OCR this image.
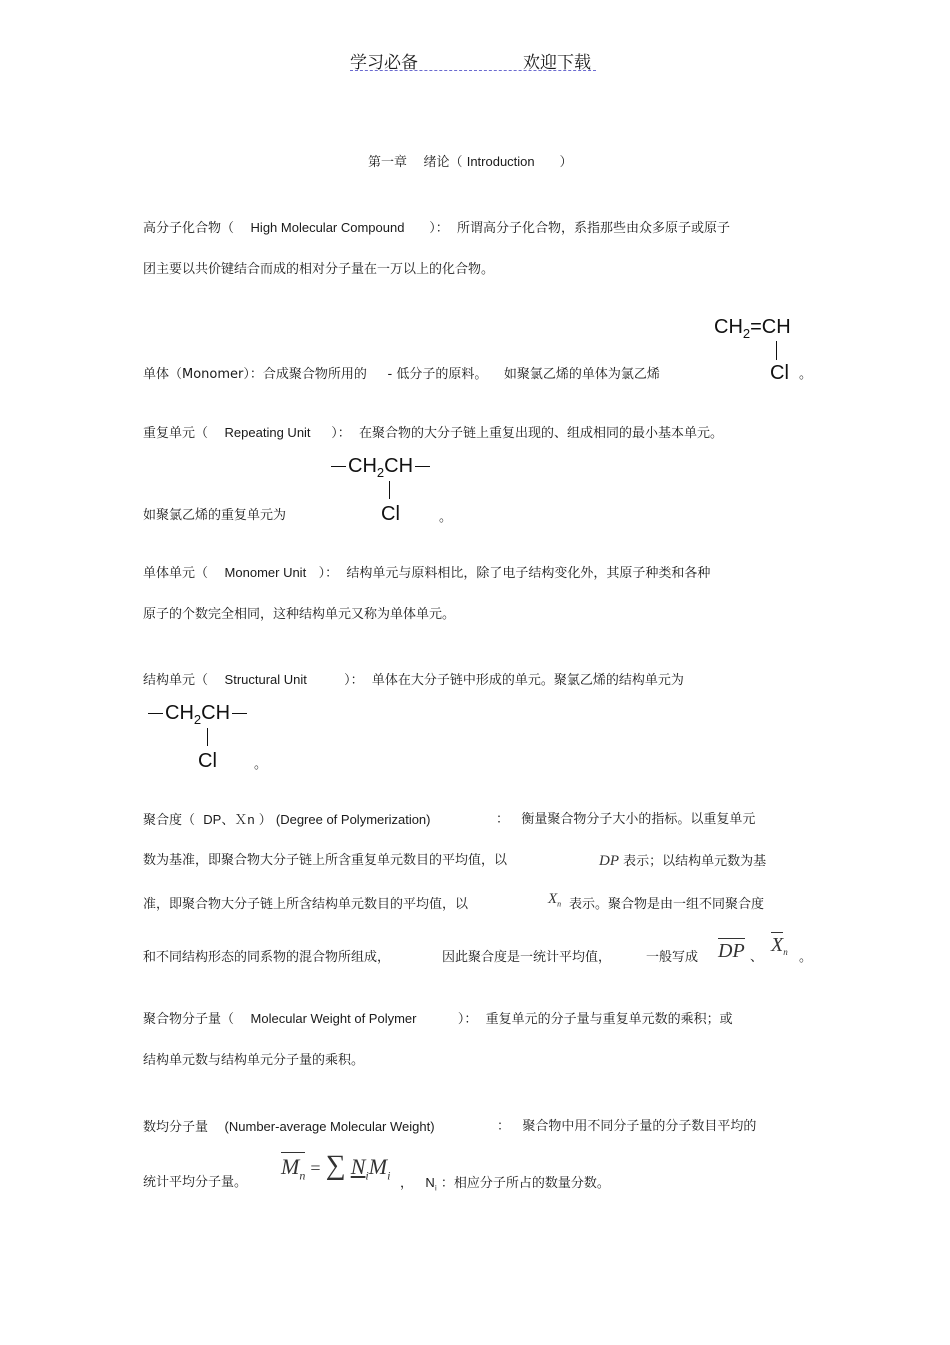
学习必备	欢迎下载
第一章 绪论（ Introduction ）
高分子化合物（ High Molecular Compound ）： 所谓高分子化合物，系指那些由众多原子或原子
团主要以共价键结合而成的相对分子量在一万以上的化合物。
$CH_2=CH$
Cl
单体（Monomer）：合成聚合物所用的 - 低分子的原料。 如聚氯乙烯的单体为氯乙烯	。
重复单元（ Repeating Unit ）： 在聚合物的大分子链上重复出现的、组成相同的最小基本单元。
$CH_2CH$
Cl
如聚氯乙烯的重复单元为	。
单体单元（ Monomer Unit ）： 结构单元与原料相比，除了电子结构变化外，其原子种类和各种
原子的个数完全相同，这种结构单元又称为单体单元。
结构单元（ Structural Unit	）： 单体在大分子链中形成的单元。聚氯乙烯的结构单元为
$CH_2CH$
Cl	。
聚合度（ DP、Ｘn ） (Degree of Polymerization)	： 衡量聚合物分子大小的指标。以重复单元
数为基准，即聚合物大分子链上所含重复单元数目的平均值，以	DP 表示；以结构单元数为基
准，即聚合物大分子链上所含结构单元数目的平均值，以	$X_n$ 表示。聚合物是由一组不同聚合度
和不同结构形态的同系物的混合物所组成，	因此聚合度是一统计平均值，	一般写成 DP 、
$X_n$ 。
聚合物分子量（ Molecular Weight of Polymer	）： 重复单元的分子量与重复单元数的乘积；或
结构单元数与结构单元分子量的乘积。
数均分子量 (Number-average Molecular Weight)	： 聚合物中用不同分子量的分子数目平均的
统计平均分子量。
$M_n$ = ∑ $N_iM_i$
， $N_i$ ：相应分子所占的数量分数。
